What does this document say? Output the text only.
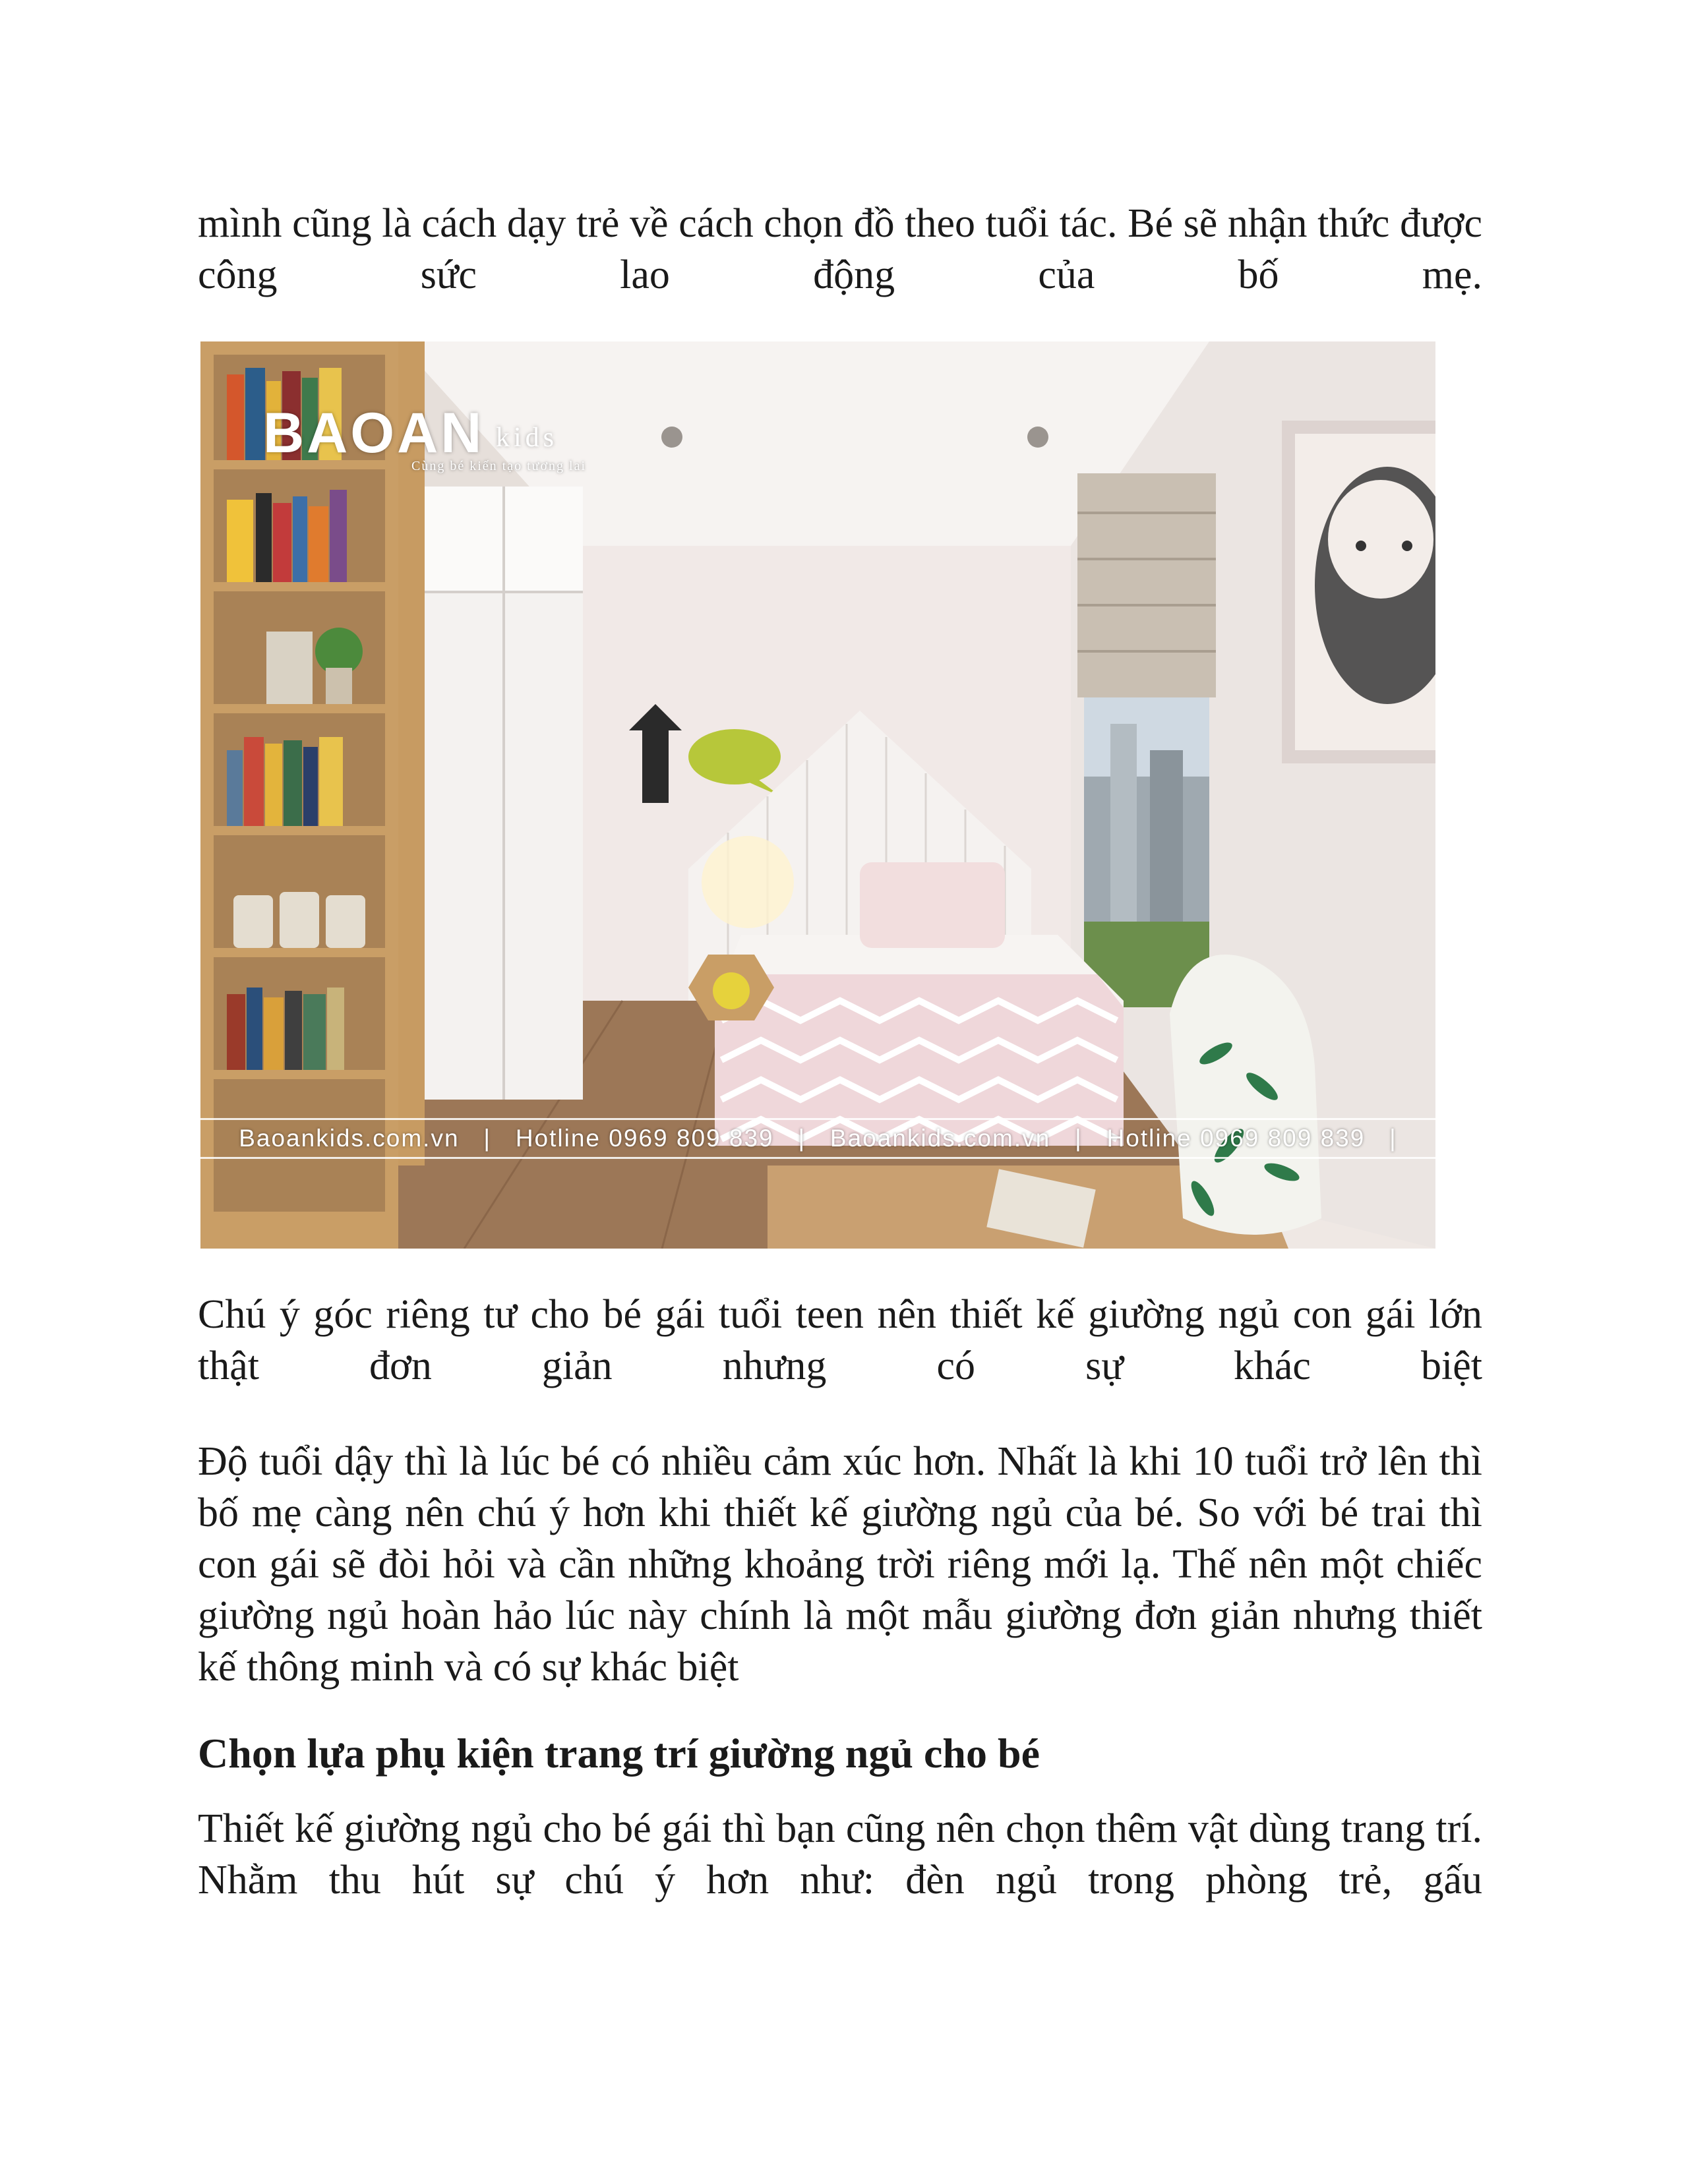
mình cũng là cách dạy trẻ về cách chọn đồ theo tuổi tác. Bé sẽ nhận thức được công sức lao động của bố mẹ.

BAOAN kids
Cùng bé kiến tạo tương lai
Baoankids.com.vn   |   Hotline 0969 809 839   |   Baoankids.com.vn   |   Hotline 0969 809 839   |

Chú ý góc riêng tư cho bé gái tuổi teen nên thiết kế giường ngủ con gái lớn thật đơn giản nhưng có sự khác biệt

Độ tuổi dậy thì là lúc bé có nhiều cảm xúc hơn. Nhất là khi 10 tuổi trở lên thì bố mẹ càng nên chú ý hơn khi thiết kế giường ngủ của bé. So với bé trai thì con gái sẽ đòi hỏi và cần những khoảng trời riêng mới lạ. Thế nên một chiếc giường ngủ hoàn hảo lúc này chính là một mẫu giường đơn giản nhưng thiết kế thông minh và có sự khác biệt

Chọn lựa phụ kiện trang trí giường ngủ cho bé

Thiết kế giường ngủ cho bé gái thì bạn cũng nên chọn thêm vật dùng trang trí. Nhằm thu hút sự chú ý hơn như: đèn ngủ trong phòng trẻ, gấu
